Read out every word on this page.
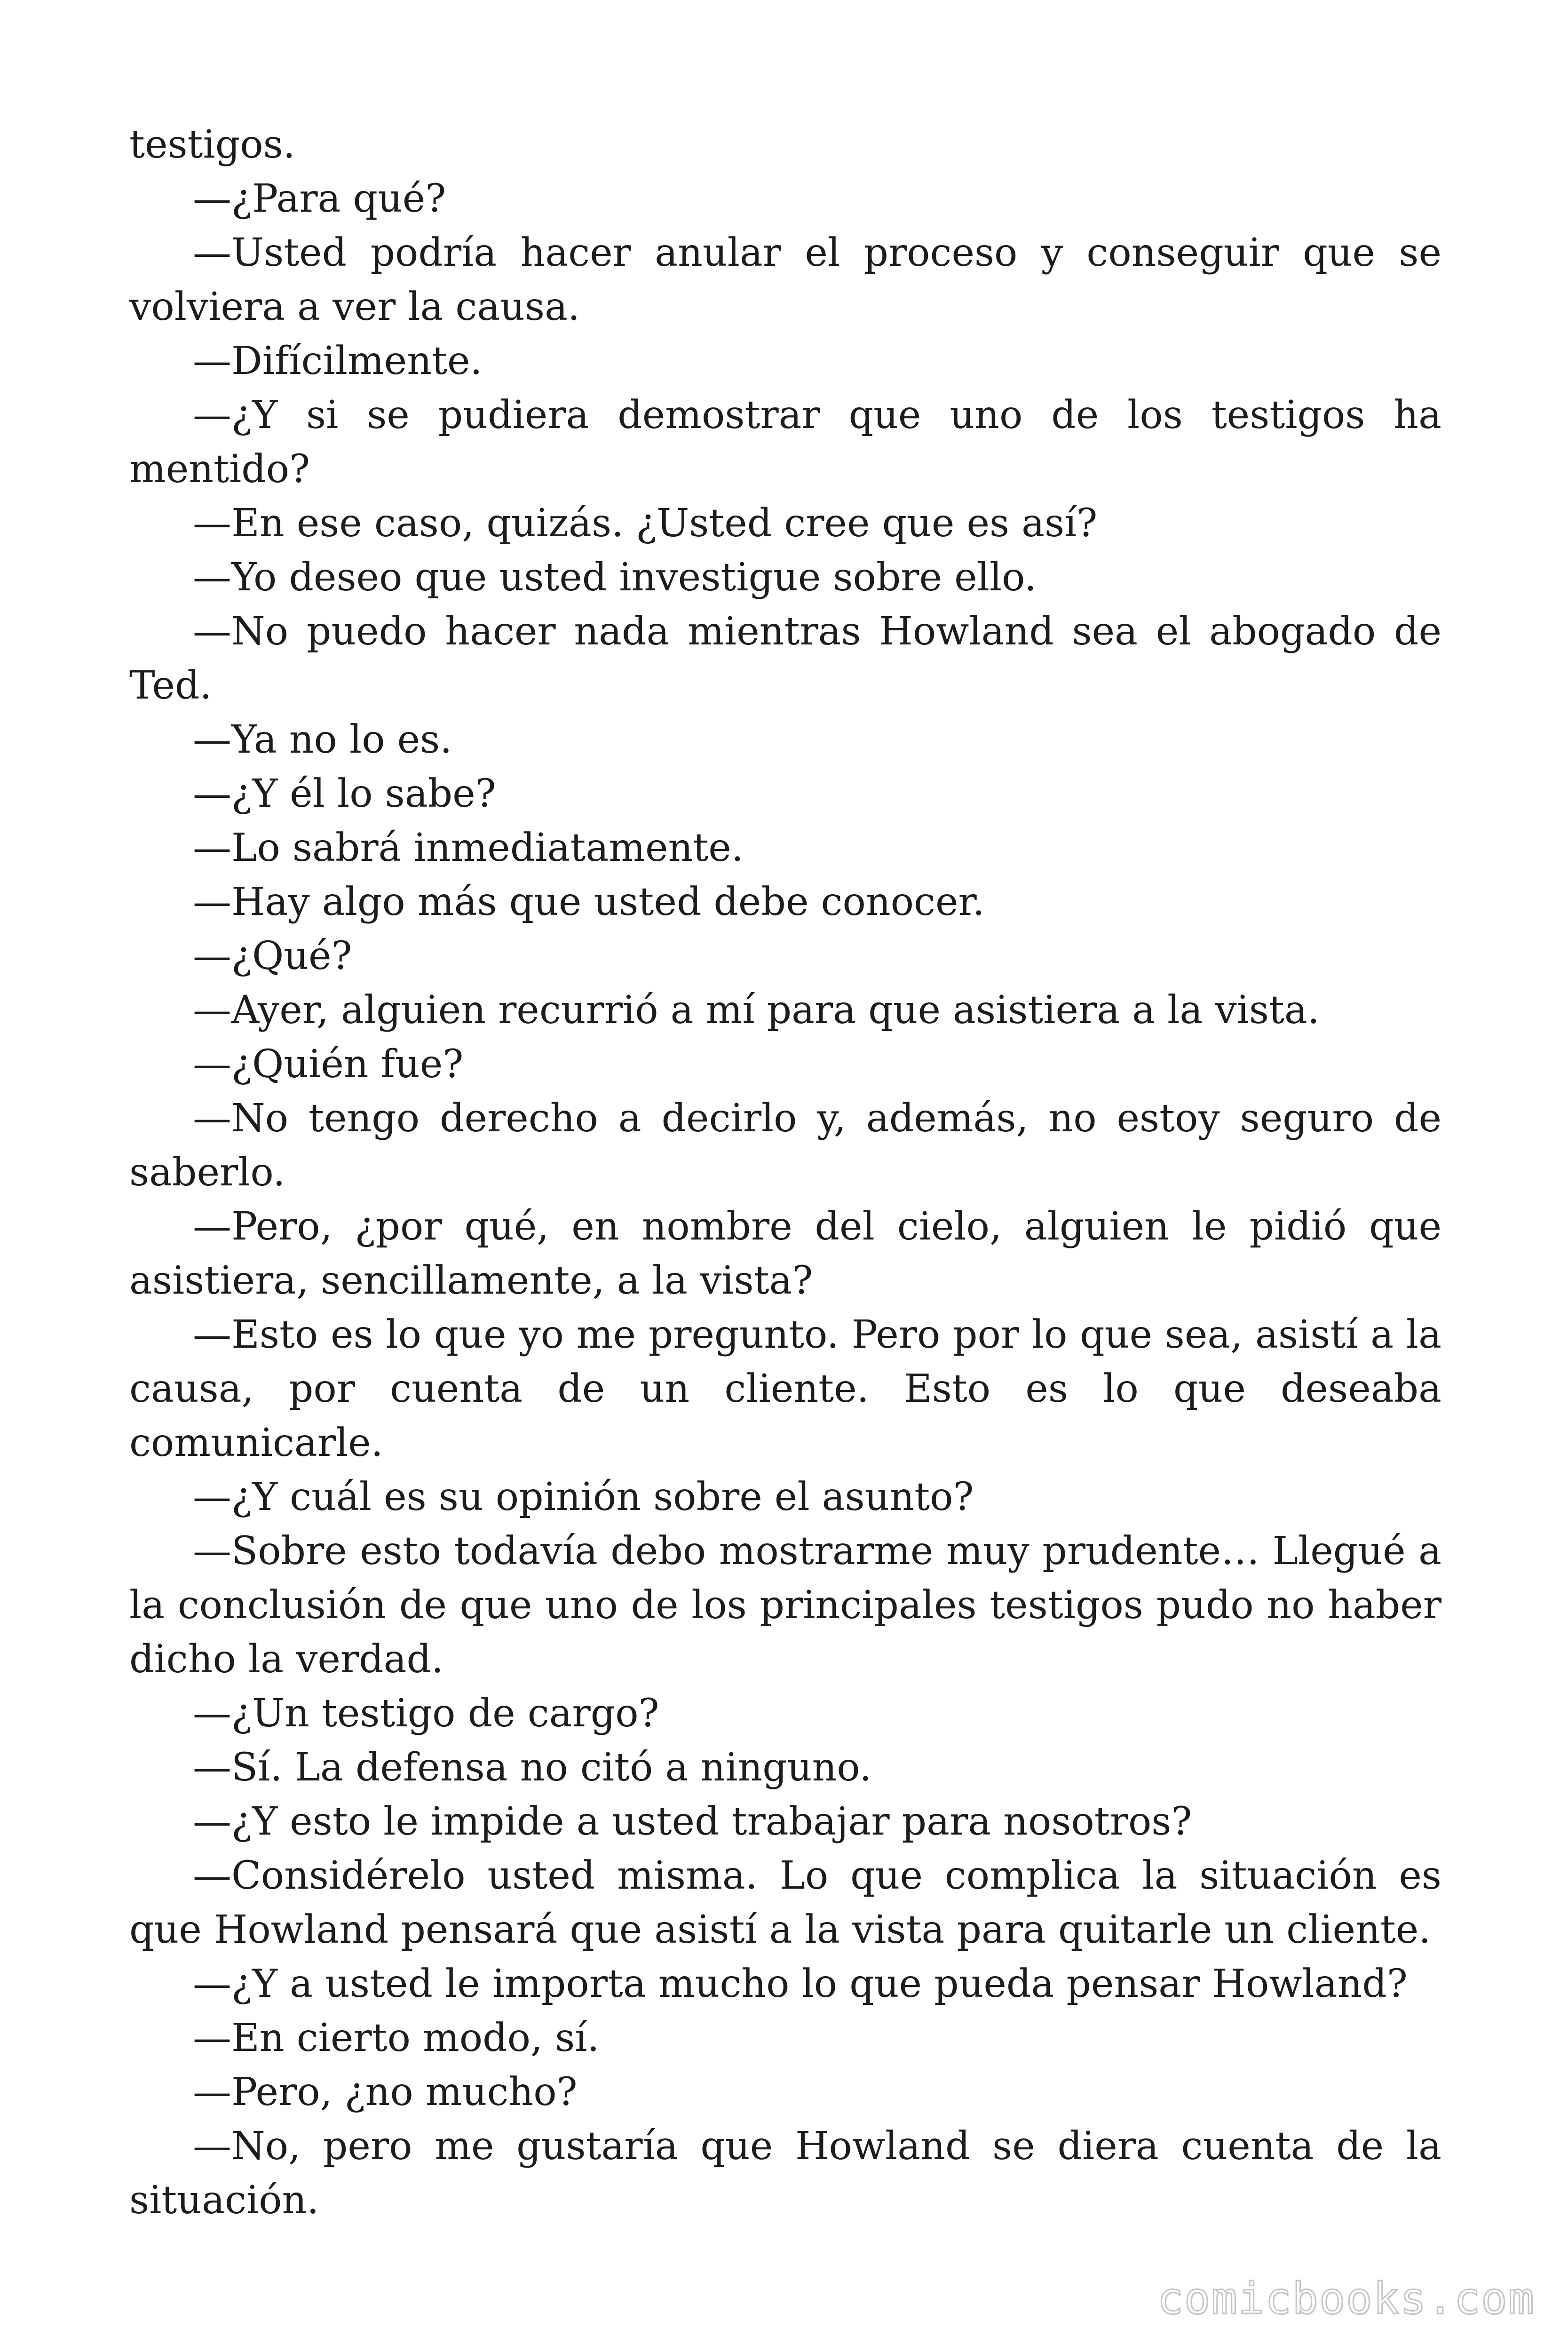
testigos.

—¿Para qué?

—Usted podría hacer anular el proceso y conseguir que se volviera a ver la causa.

—Difícilmente.

—¿Y si se pudiera demostrar que uno de los testigos ha mentido?

—En ese caso, quizás. ¿Usted cree que es así?

—Yo deseo que usted investigue sobre ello.

—No puedo hacer nada mientras Howland sea el abogado de Ted.

—Ya no lo es.

—¿Y él lo sabe?

—Lo sabrá inmediatamente.

—Hay algo más que usted debe conocer.

—¿Qué?

—Ayer, alguien recurrió a mí para que asistiera a la vista.

—¿Quién fue?

—No tengo derecho a decirlo y, además, no estoy seguro de saberlo.

—Pero, ¿por qué, en nombre del cielo, alguien le pidió que asistiera, sencillamente, a la vista?

—Esto es lo que yo me pregunto. Pero por lo que sea, asistí a la causa, por cuenta de un cliente. Esto es lo que deseaba comunicarle.

—¿Y cuál es su opinión sobre el asunto?

—Sobre esto todavía debo mostrarme muy prudente… Llegué a la conclusión de que uno de los principales testigos pudo no haber dicho la verdad.

—¿Un testigo de cargo?

—Sí. La defensa no citó a ninguno.

—¿Y esto le impide a usted trabajar para nosotros?

—Considérelo usted misma. Lo que complica la situación es que Howland pensará que asistí a la vista para quitarle un cliente.

—¿Y a usted le importa mucho lo que pueda pensar Howland?

—En cierto modo, sí.

—Pero, ¿no mucho?

—No, pero me gustaría que Howland se diera cuenta de la situación.

comicbooks.com
